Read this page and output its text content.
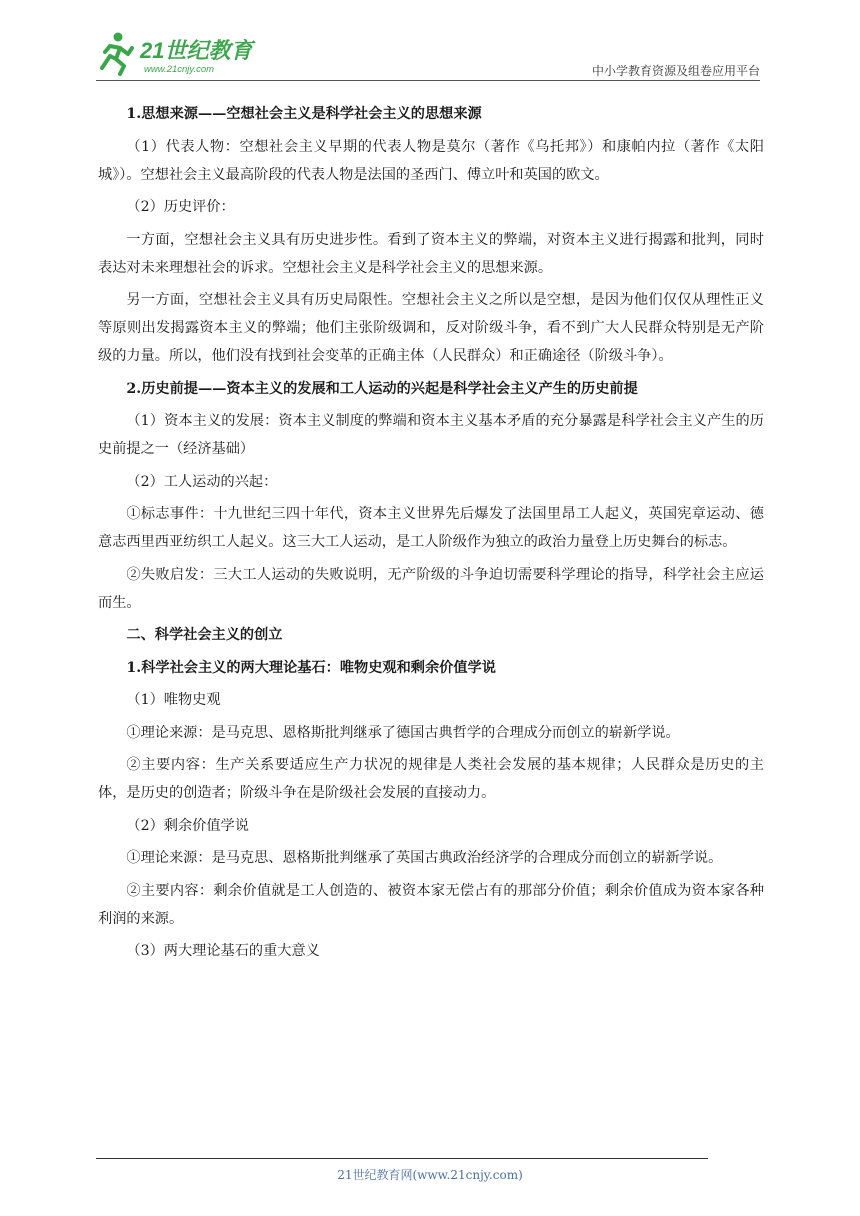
21世纪教育
www.21cnjy.com	中小学教育资源及组卷应用平台

1.思想来源——空想社会主义是科学社会主义的思想来源

（1）代表人物：空想社会主义早期的代表人物是莫尔（著作《乌托邦》）和康帕内拉（著作《太阳城》）。空想社会主义最高阶段的代表人物是法国的圣西门、傅立叶和英国的欧文。

（2）历史评价：

一方面，空想社会主义具有历史进步性。看到了资本主义的弊端，对资本主义进行揭露和批判，同时表达对未来理想社会的诉求。空想社会主义是科学社会主义的思想来源。

另一方面，空想社会主义具有历史局限性。空想社会主义之所以是空想，是因为他们仅仅从理性正义等原则出发揭露资本主义的弊端；他们主张阶级调和，反对阶级斗争，看不到广大人民群众特别是无产阶级的力量。所以，他们没有找到社会变革的正确主体（人民群众）和正确途径（阶级斗争）。

2.历史前提——资本主义的发展和工人运动的兴起是科学社会主义产生的历史前提

（1）资本主义的发展：资本主义制度的弊端和资本主义基本矛盾的充分暴露是科学社会主义产生的历史前提之一（经济基础）

（2）工人运动的兴起：

①标志事件：十九世纪三四十年代，资本主义世界先后爆发了法国里昂工人起义，英国宪章运动、德意志西里西亚纺织工人起义。这三大工人运动，是工人阶级作为独立的政治力量登上历史舞台的标志。

②失败启发：三大工人运动的失败说明，无产阶级的斗争迫切需要科学理论的指导，科学社会主应运而生。

二、科学社会主义的创立

1.科学社会主义的两大理论基石：唯物史观和剩余价值学说

（1）唯物史观

①理论来源：是马克思、恩格斯批判继承了德国古典哲学的合理成分而创立的崭新学说。

②主要内容：生产关系要适应生产力状况的规律是人类社会发展的基本规律；人民群众是历史的主体，是历史的创造者；阶级斗争在是阶级社会发展的直接动力。

（2）剩余价值学说

①理论来源：是马克思、恩格斯批判继承了英国古典政治经济学的合理成分而创立的崭新学说。

②主要内容：剩余价值就是工人创造的、被资本家无偿占有的那部分价值；剩余价值成为资本家各种利润的来源。

（3）两大理论基石的重大意义

21世纪教育网(www.21cnjy.com)
